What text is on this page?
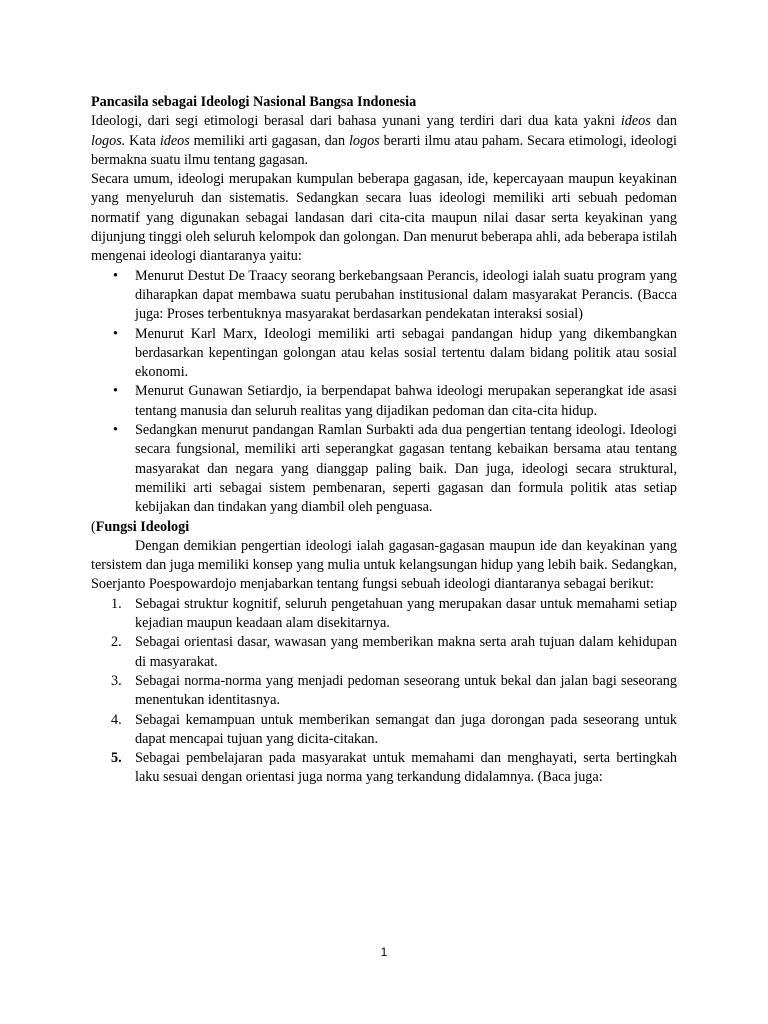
Pancasila sebagai Ideologi Nasional Bangsa Indonesia

Ideologi, dari segi etimologi berasal dari bahasa yunani yang terdiri dari dua kata yakni ideos dan logos. Kata ideos memiliki arti gagasan, dan logos berarti ilmu atau paham. Secara etimologi, ideologi bermakna suatu ilmu tentang gagasan.

Secara umum, ideologi merupakan kumpulan beberapa gagasan, ide, kepercayaan maupun keyakinan yang menyeluruh dan sistematis. Sedangkan secara luas ideologi memiliki arti sebuah pedoman normatif yang digunakan sebagai landasan dari cita-cita maupun nilai dasar serta keyakinan yang dijunjung tinggi oleh seluruh kelompok dan golongan. Dan menurut beberapa ahli, ada beberapa istilah mengenai ideologi diantaranya yaitu:

• Menurut Destut De Traacy seorang berkebangsaan Perancis, ideologi ialah suatu program yang diharapkan dapat membawa suatu perubahan institusional dalam masyarakat Perancis. (Bacca juga: Proses terbentuknya masyarakat berdasarkan pendekatan interaksi sosial)
• Menurut Karl Marx, Ideologi memiliki arti sebagai pandangan hidup yang dikembangkan berdasarkan kepentingan golongan atau kelas sosial tertentu dalam bidang politik atau sosial ekonomi.
• Menurut Gunawan Setiardjo, ia berpendapat bahwa ideologi merupakan seperangkat ide asasi tentang manusia dan seluruh realitas yang dijadikan pedoman dan cita-cita hidup.
• Sedangkan menurut pandangan Ramlan Surbakti ada dua pengertian tentang ideologi. Ideologi secara fungsional, memiliki arti seperangkat gagasan tentang kebaikan bersama atau tentang masyarakat dan negara yang dianggap paling baik. Dan juga, ideologi secara struktural, memiliki arti sebagai sistem pembenaran, seperti gagasan dan formula politik atas setiap kebijakan dan tindakan yang diambil oleh penguasa.

(Fungsi Ideologi

Dengan demikian pengertian ideologi ialah gagasan-gagasan maupun ide dan keyakinan yang tersistem dan juga memiliki konsep yang mulia untuk kelangsungan hidup yang lebih baik. Sedangkan, Soerjanto Poespowardojo menjabarkan tentang fungsi sebuah ideologi diantaranya sebagai berikut:

1. Sebagai struktur kognitif, seluruh pengetahuan yang merupakan dasar untuk memahami setiap kejadian maupun keadaan alam disekitarnya.
2. Sebagai orientasi dasar, wawasan yang memberikan makna serta arah tujuan dalam kehidupan di masyarakat.
3. Sebagai norma-norma yang menjadi pedoman seseorang untuk bekal dan jalan bagi seseorang menentukan identitasnya.
4. Sebagai kemampuan untuk memberikan semangat dan juga dorongan pada seseorang untuk dapat mencapai tujuan yang dicita-citakan.
5. Sebagai pembelajaran pada masyarakat untuk memahami dan menghayati, serta bertingkah laku sesuai dengan orientasi juga norma yang terkandung didalamnya. (Baca juga:
1
